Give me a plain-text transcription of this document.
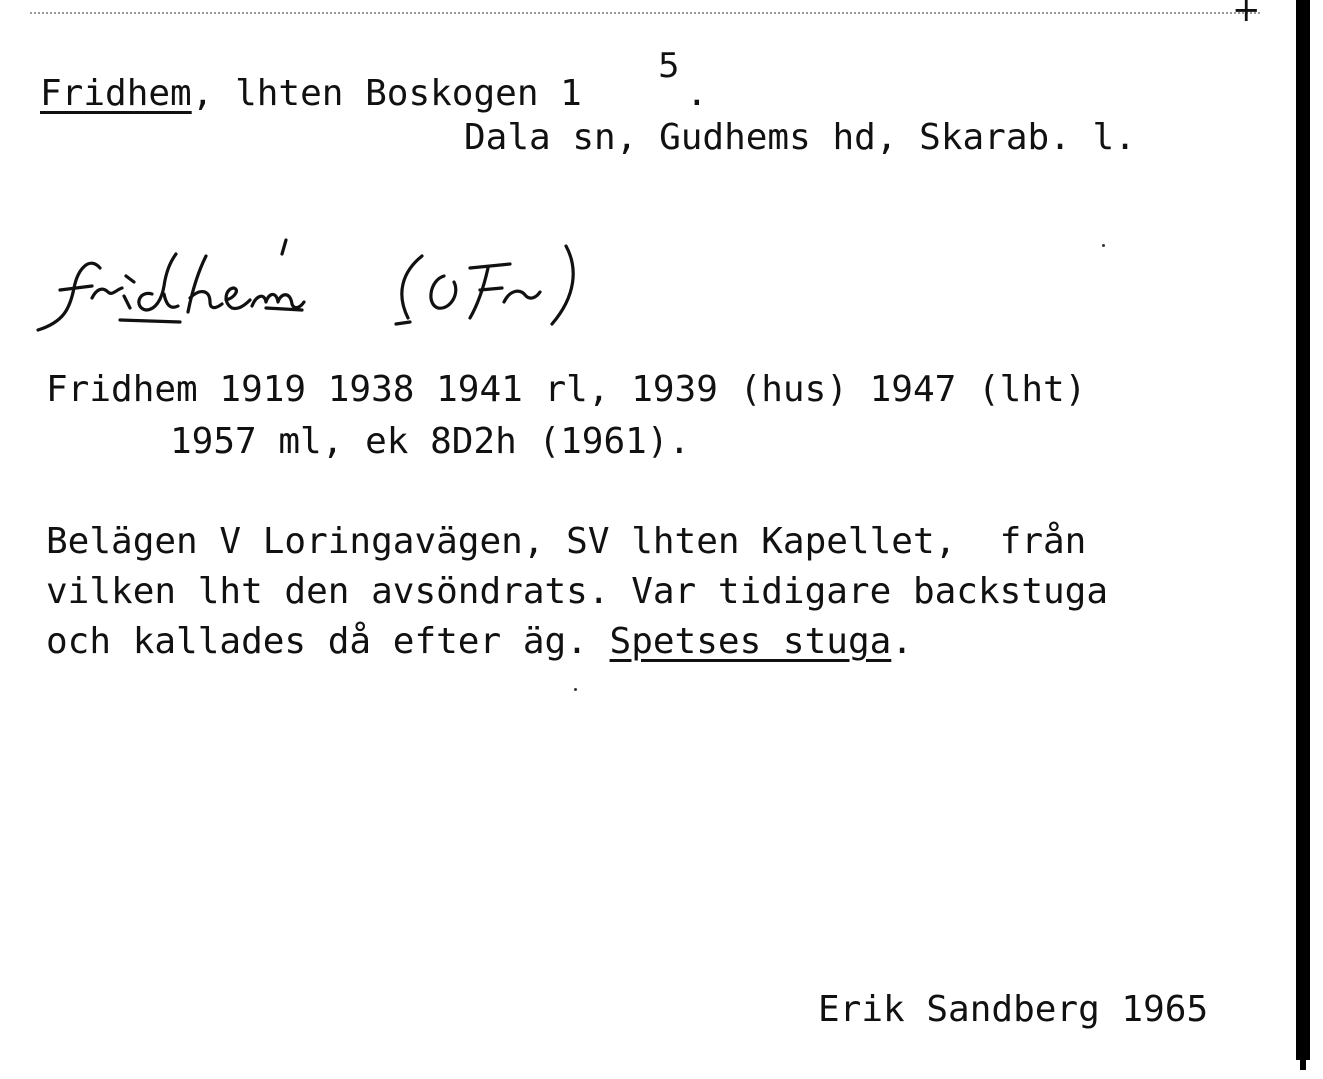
+
Fridhem, lhten Boskogen 1
5
.
Dala sn, Gudhems hd, Skarab. l.
Fridhem 1919 1938 1941 rl, 1939 (hus) 1947 (lht)
1957 ml, ek 8D2h (1961).
Belägen V Loringavägen, SV lhten Kapellet,  från
vilken lht den avsöndrats. Var tidigare backstuga
och kallades då efter äg. Spetses stuga.
Erik Sandberg 1965
